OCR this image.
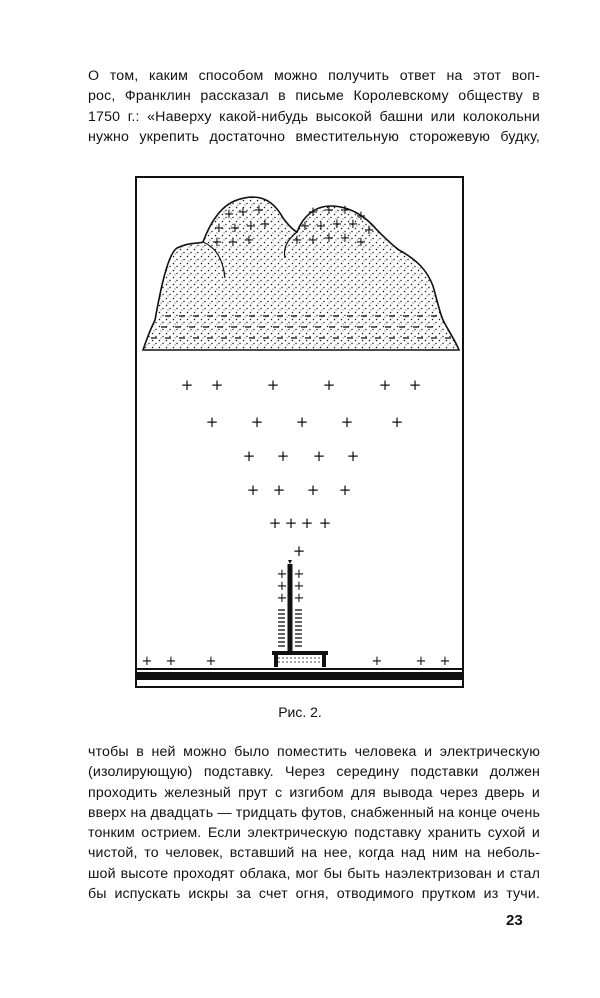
О том, каким способом можно получить ответ на этот воп-
рос, Франклин рассказал в письме Королевскому обществу в
1750 г.: «Наверху какой-нибудь высокой башни или колокольни
нужно укрепить достаточно вместительную сторожевую будку,
+ + +
+ + + +
+ + +
+ + + +
+ + + + +
+ + + + +
+ +	+	+	+ +
+ + + + +
+ + + +
+ + + +
+ + + +
+
+ +
+ +
+ +
+ + +	+	+ +
Рис. 2.
чтобы в ней можно было поместить человека и электрическую
(изолирующую) подставку. Через середину подставки должен
проходить железный прут с изгибом для вывода через дверь и
вверх на двадцать — тридцать футов, снабженный на конце очень
тонким острием. Если электрическую подставку хранить сухой и
чистой, то человек, вставший на нее, когда над ним на неболь-
шой высоте проходят облака, мог бы быть наэлектризован и стал
бы испускать искры за счет огня, отводимого прутком из тучи.
23
